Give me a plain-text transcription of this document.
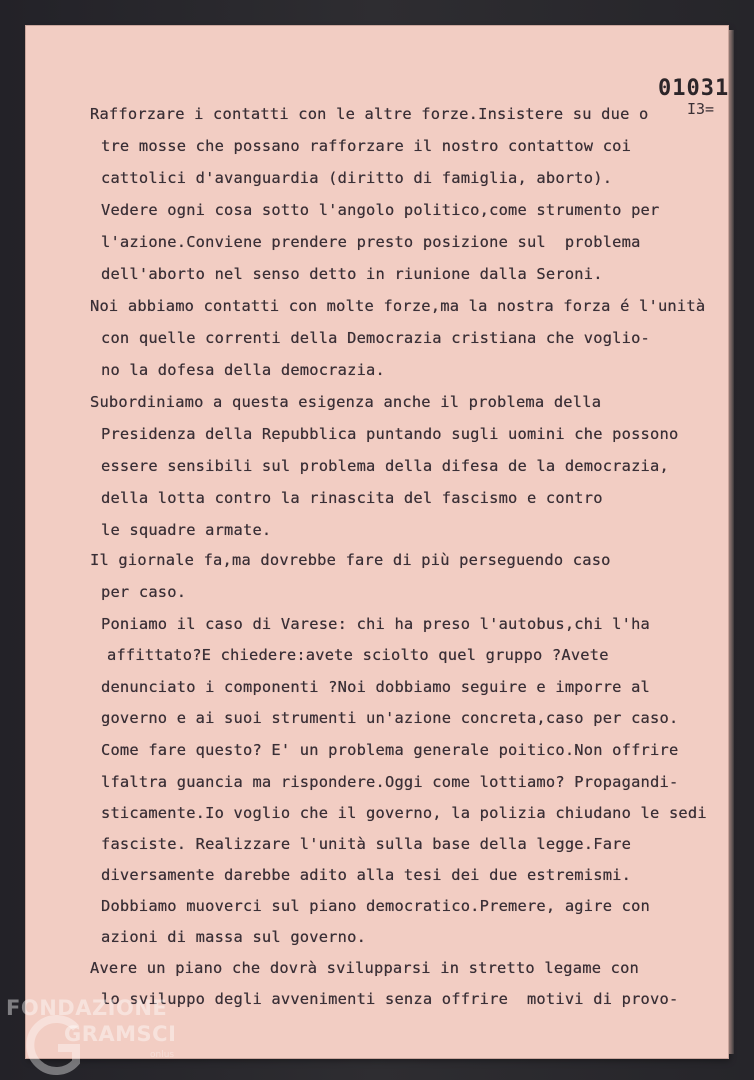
01031
I3=
Rafforzare i contatti con le altre forze.Insistere su due o
tre mosse che possano rafforzare il nostro contattow coi
cattolici d'avanguardia (diritto di famiglia, aborto).
Vedere ogni cosa sotto l'angolo politico,come strumento per
l'azione.Conviene prendere presto posizione sul  problema
dell'aborto nel senso detto in riunione dalla Seroni.
Noi abbiamo contatti con molte forze,ma la nostra forza é l'unità
con quelle correnti della Democrazia cristiana che voglio-
no la dofesa della democrazia.
Subordiniamo a questa esigenza anche il problema della
Presidenza della Repubblica puntando sugli uomini che possono
essere sensibili sul problema della difesa de la democrazia,
della lotta contro la rinascita del fascismo e contro
le squadre armate.
Il giornale fa,ma dovrebbe fare di più perseguendo caso
per caso.
Poniamo il caso di Varese: chi ha preso l'autobus,chi l'ha
affittato?E chiedere:avete sciolto quel gruppo ?Avete
denunciato i componenti ?Noi dobbiamo seguire e imporre al
governo e ai suoi strumenti un'azione concreta,caso per caso.
Come fare questo? E' un problema generale poitico.Non offrire
lfaltra guancia ma rispondere.Oggi come lottiamo? Propagandi-
sticamente.Io voglio che il governo, la polizia chiudano le sedi
fasciste. Realizzare l'unità sulla base della legge.Fare
diversamente darebbe adito alla tesi dei due estremismi.
Dobbiamo muoverci sul piano democratico.Premere, agire con
azioni di massa sul governo.
Avere un piano che dovrà svilupparsi in stretto legame con
lo sviluppo degli avvenimenti senza offrire  motivi di provo-
FONDAZIONE
GRAMSCI
onlus
